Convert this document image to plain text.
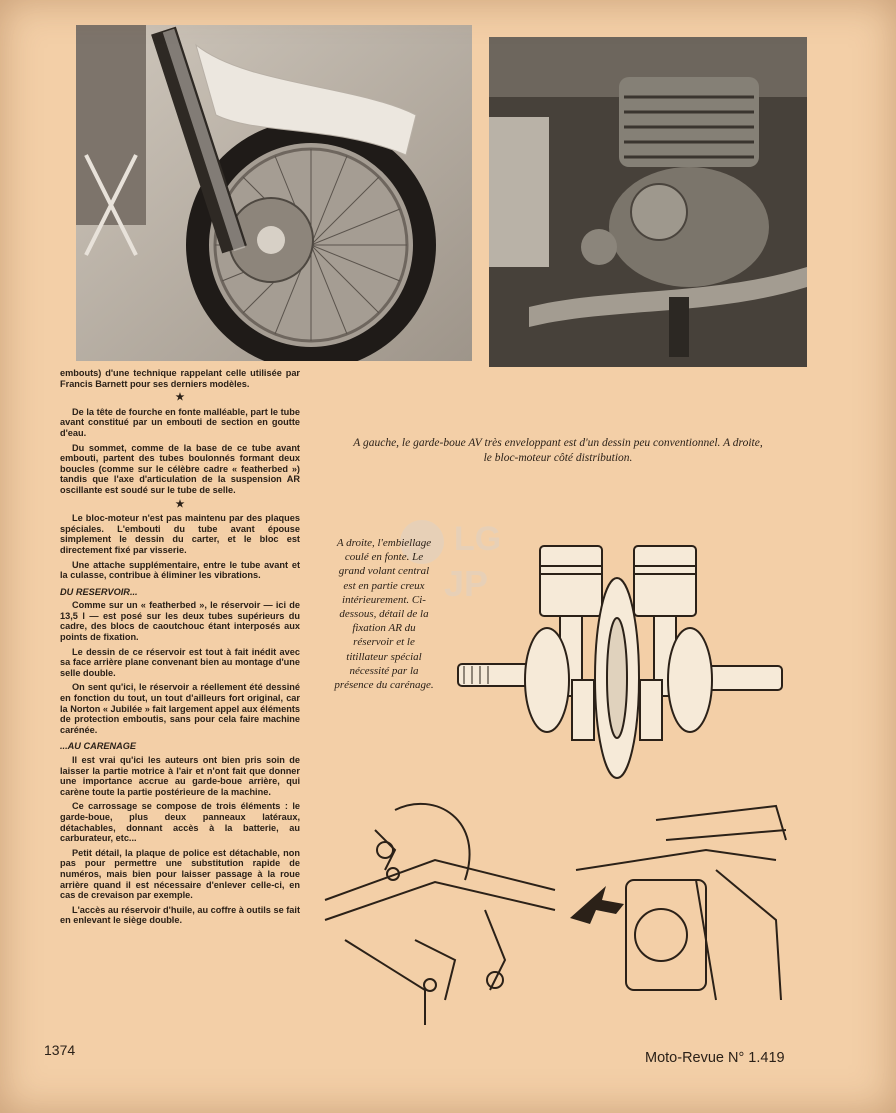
embouts) d'une technique rappelant celle utilisée par Francis Barnett pour ses derniers modèles.

★

De la tête de fourche en fonte malléable, part le tube avant constitué par un embouti de section en goutte d'eau.

Du sommet, comme de la base de ce tube avant embouti, partent des tubes boulonnés formant deux boucles (comme sur le célèbre cadre « featherbed ») tandis que l'axe d'articulation de la suspension AR oscillante est soudé sur le tube de selle.

★

Le bloc-moteur n'est pas maintenu par des plaques spéciales. L'embouti du tube avant épouse simplement le dessin du carter, et le bloc est directement fixé par visserie.

Une attache supplémentaire, entre le tube avant et la culasse, contribue à éliminer les vibrations.

DU RESERVOIR...

Comme sur un « featherbed », le réservoir — ici de 13,5 l — est posé sur les deux tubes supérieurs du cadre, des blocs de caoutchouc étant interposés aux points de fixation.

Le dessin de ce réservoir est tout à fait inédit avec sa face arrière plane convenant bien au montage d'une selle double.

On sent qu'ici, le réservoir a réellement été dessiné en fonction du tout, un tout d'ailleurs fort original, car la Norton « Jubilée » fait largement appel aux éléments de protection emboutis, sans pour cela faire machine carénée.

...AU CARENAGE

Il est vrai qu'ici les auteurs ont bien pris soin de laisser la partie motrice à l'air et n'ont fait que donner une importance accrue au garde-boue arrière, qui carène toute la partie postérieure de la machine.

Ce carrossage se compose de trois éléments : le garde-boue, plus deux panneaux latéraux, détachables, donnant accès à la batterie, au carburateur, etc...

Petit détail, la plaque de police est détachable, non pas pour permettre une substitution rapide de numéros, mais bien pour laisser passage à la roue arrière quand il est nécessaire d'enlever celle-ci, en cas de crevaison par exemple.

L'accès au réservoir d'huile, au coffre à outils se fait en enlevant le siège double.

A gauche, le garde-boue AV très enveloppant est d'un dessin peu conventionnel. A droite, le bloc-moteur côté distribution.
LG
JP
A droite, l'embiellage coulé en fonte. Le grand volant central est en partie creux intérieurement. Ci-dessous, détail de la fixation AR du réservoir et le titillateur spécial nécessité par la présence du carénage.
1374	Moto-Revue N° 1.419
